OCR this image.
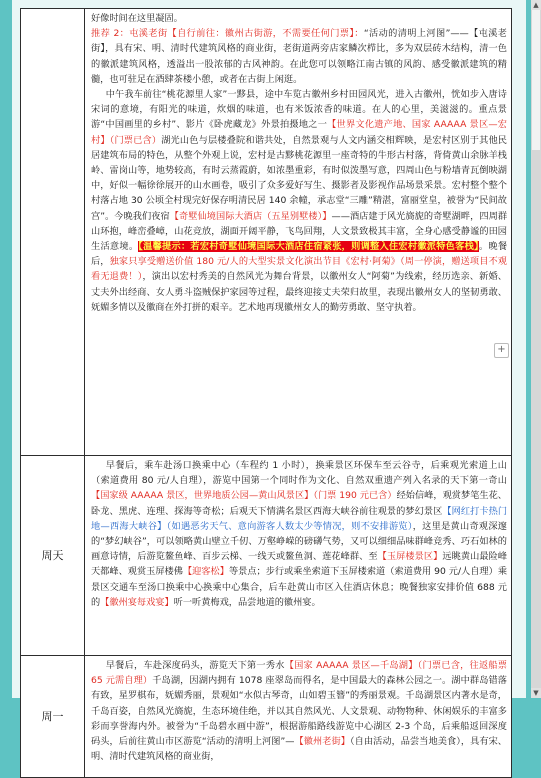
	好像时间在这里凝固。

推荐 2：屯溪老街【自行前往：徽州古街游，不需要任何门票】：“活动的清明上河图”——【屯溪老街】，具有宋、明、清时代建筑风格的商业街，老街道两旁店家鳞次栉比，多为双层砖木结构，清一色的徽派建筑风格，透溢出一股浓郁的古风神韵。在此您可以领略江南古镇的风韵、感受徽派建筑的精髓，也可驻足在酒肆茶楼小憩，或者在古街上闲逛。

中午我车前往“桃花源里人家”一黟县，途中车览古徽州乡村田园风光，进入古徽州，恍如步入唐诗宋词的意境，有阳光的味道，炊烟的味道，也有米饭浓香的味道。在人的心里，美滋滋的。重点景游“中国画里的乡村”、影片《卧虎藏龙》外景拍摄地之一【世界文化遗产地、国家 AAAAA 景区—宏村】（门票已含）湖光山色与层楼叠院和谐共处，自然景观与人文内涵交相辉映，是宏村区别于其他民居建筑布局的特色，从整个外观上说，宏村是古黟桃花源里一座奇特的牛形古村落，背倚黄山余脉羊栈岭、雷岗山等，地势较高，有时云蒸霞蔚，如浓墨重彩，有时似泼墨写意，四周山色与粉墙青瓦倒映湖中，好似一幅徐徐展开的山水画卷，吸引了众多爱好写生、摄影者及影视作品场景采景。宏村整个整个村落占地 30 公顷全村现完好保存明清民居 140 余幢，承志堂“三雕”精湛，富丽堂皇，被誉为“民间故宫”。今晚我们夜宿【奇墅仙境国际大酒店（五星别墅楼）】——酒店建于风光旖旎的奇墅湖畔，四周群山环抱，峰峦叠嶂，山花竞放，湖面开阔平静，飞鸟回翔，人文景致极其丰富，全身心感受静谧的田园生活意境。【温馨提示：若宏村奇墅仙境国际大酒店住宿紧张，则调整入住宏村徽派特色客栈】。晚餐后，独家只享受赠送价值 180 元/人的大型实景文化演出节目《宏村·阿菊》（周一停演，赠送项目不观看无退费！），演出以宏村秀美的自然风光为舞台背景，以徽州女人“阿菊”为线索，经历选亲、新婚、丈夫外出经商、女人勇斗盗贼保护家园等过程，最终迎接丈夫荣归故里，表现出徽州女人的坚韧勇敢、妩媚多情以及徽商在外打拼的艰辛。艺术地再现徽州女人的勤劳勇敢、坚守执着。

周天	早餐后，乘车赴汤口换乘中心（车程约 1 小时），换乘景区环保车至云谷寺，后乘观光索道上山（索道费用 80 元/人自理），游览中国第一个同时作为文化、自然双重遗产列入名录的天下第一奇山【国家级 AAAAA 景区，世界地质公园—黄山风景区】（门票 190 元已含）经始信峰，观赏梦笔生花、卧龙、黑虎、连理、探海等奇松；后观天下情满名景区西海大峡谷前往观景的梦幻景区【网红打卡热门地—西海大峡谷】（如遇恶劣天气、意向游客人数太少等情况，则不安排游览），这里是黄山奇观深邃的“梦幻峡谷”，可以领略黄山壁立千仞、万壑峥嵘的磅礴气势，又可以细细品味群峰竞秀、巧石如林的画意诗情，后游览鳌鱼峰、百步云梯、一线天或鳌鱼洞、莲花峰群、至【玉屏楼景区】远眺黄山最险峰天都峰、观赏玉屏楼佛【迎客松】等景点；步行或乘坐索道下玉屏楼索道（索道费用 90 元/人自理）乘景区交通车至汤口换乘中心换乘中心集合，后车赴黄山市区入住酒店休息；晚餐独家安排价值 688 元的【徽州宴每戏宴】听一听黄梅戏，品尝地道的徽州宴。

周一	早餐后，车赴深度码头，游览天下第一秀水【国家 AAAAA 景区—千岛湖】（门票已含，往返船票 65 元需自理）千岛湖，因湖内拥有 1078 座翠岛而得名，是中国最大的森林公园之一。湖中群岛错落有致，星罗棋布，妩媚秀丽，景观如“水似古琴奇，山如碧玉簪”的秀丽景观。千岛湖景区内著水是奇，千岛百姿，自然风光旖旎，生态环境佳绝，并以其自然风光、人文景观、动物物种、休闲娱乐的丰富多彩而享誉海内外。被誉为“千岛碧水画中游”，根据游船路线游览中心湖区 2-3 个岛，后乘船返回深度码头，后前往黄山市区游览“活动的清明上河图”—【徽州老街】（自由活动，品尝当地美食），具有宋、明、清时代建筑风格的商业街，

+
▲
▼
